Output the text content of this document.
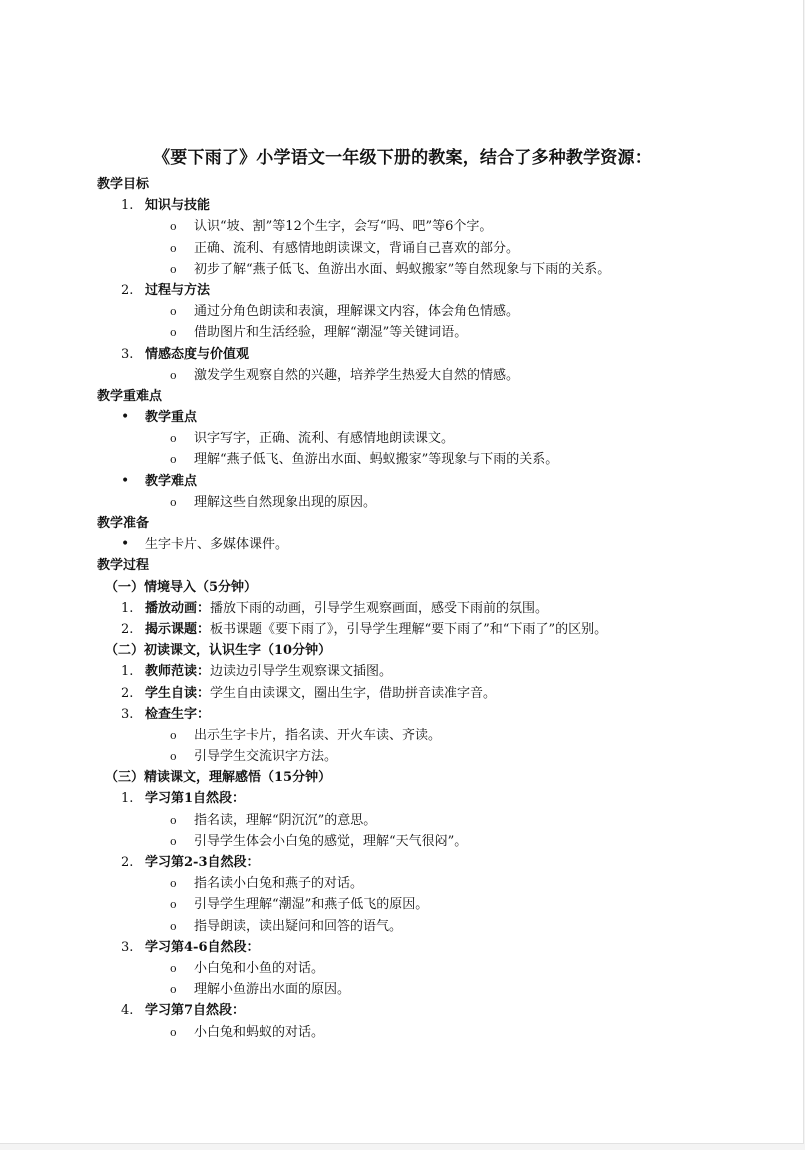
《要下雨了》小学语文一年级下册的教案，结合了多种教学资源：
教学目标
1. 知识与技能
o 认识“坡、割”等12个生字，会写“吗、吧”等6个字。
o 正确、流利、有感情地朗读课文，背诵自己喜欢的部分。
o 初步了解“燕子低飞、鱼游出水面、蚂蚁搬家”等自然现象与下雨的关系。
2. 过程与方法
o 通过分角色朗读和表演，理解课文内容，体会角色情感。
o 借助图片和生活经验，理解“潮湿”等关键词语。
3. 情感态度与价值观
o 激发学生观察自然的兴趣，培养学生热爱大自然的情感。
教学重难点
• 教学重点
o 识字写字，正确、流利、有感情地朗读课文。
o 理解“燕子低飞、鱼游出水面、蚂蚁搬家”等现象与下雨的关系。
• 教学难点
o 理解这些自然现象出现的原因。
教学准备
• 生字卡片、多媒体课件。
教学过程
（一）情境导入（5分钟）
1. 播放动画：播放下雨的动画，引导学生观察画面，感受下雨前的氛围。
2. 揭示课题：板书课题《要下雨了》，引导学生理解“要下雨了”和“下雨了”的区别。
（二）初读课文，认识生字（10分钟）
1. 教师范读：边读边引导学生观察课文插图。
2. 学生自读：学生自由读课文，圈出生字，借助拼音读准字音。
3. 检查生字：
o 出示生字卡片，指名读、开火车读、齐读。
o 引导学生交流识字方法。
（三）精读课文，理解感悟（15分钟）
1. 学习第1自然段：
o 指名读，理解“阴沉沉”的意思。
o 引导学生体会小白兔的感觉，理解“天气很闷”。
2. 学习第2-3自然段：
o 指名读小白兔和燕子的对话。
o 引导学生理解“潮湿”和燕子低飞的原因。
o 指导朗读，读出疑问和回答的语气。
3. 学习第4-6自然段：
o 小白兔和小鱼的对话。
o 理解小鱼游出水面的原因。
4. 学习第7自然段：
o 小白兔和蚂蚁的对话。
